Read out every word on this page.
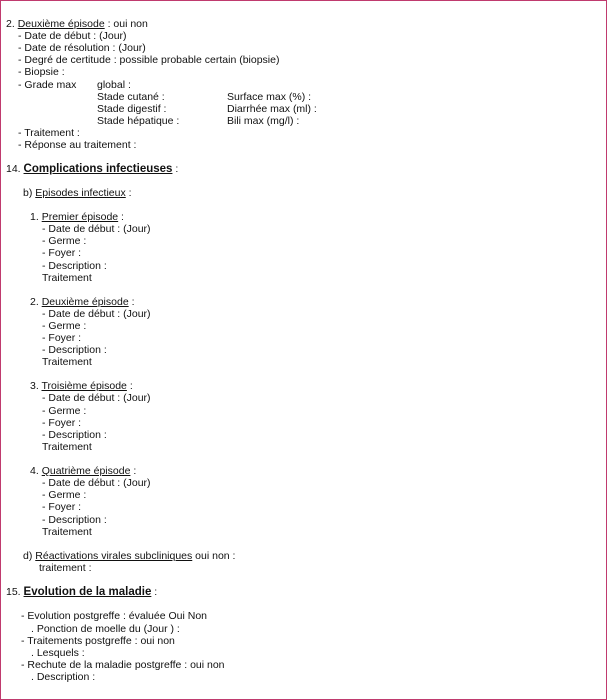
2. Deuxième épisode : oui non
- Date de début : (Jour)
- Date de résolution : (Jour)
- Degré de certitude : possible probable certain (biopsie)
- Biopsie :
- Grade max global :
Stade cutané :	Surface max (%) :
Stade digestif :	Diarrhée max (ml) :
Stade hépatique :	Bili max (mg/l) :
- Traitement :
- Réponse au traitement :
14. Complications infectieuses :
b) Episodes infectieux :
1. Premier épisode :
- Date de début : (Jour)
- Germe :
- Foyer :
- Description :
Traitement
2. Deuxième épisode :
- Date de début : (Jour)
- Germe :
- Foyer :
- Description :
Traitement
3. Troisième épisode :
- Date de début : (Jour)
- Germe :
- Foyer :
- Description :
Traitement
4. Quatrième épisode :
- Date de début : (Jour)
- Germe :
- Foyer :
- Description :
Traitement
d) Réactivations virales subcliniques oui non :
traitement :
15. Evolution de la maladie :
- Evolution postgreffe : évaluée Oui Non
. Ponction de moelle du (Jour ) :
- Traitements postgreffe : oui non
. Lesquels :
- Rechute de la maladie postgreffe : oui non
. Description :
